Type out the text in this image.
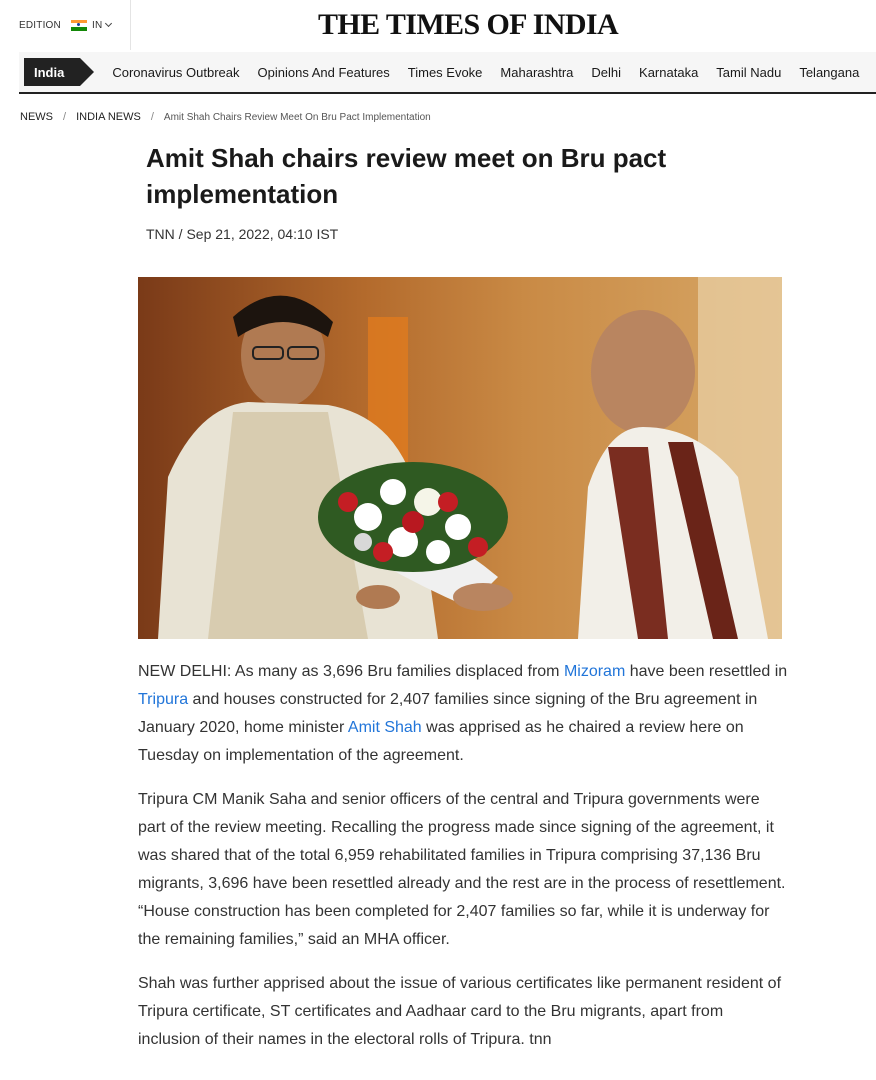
EDITION	IN	THE TIMES OF INDIA
India	Coronavirus Outbreak Opinions And Features Times Evoke Maharashtra Delhi Karnataka Tamil Nadu Telangana
NEWS / INDIA NEWS / Amit Shah Chairs Review Meet On Bru Pact Implementation
Amit Shah chairs review meet on Bru pact implementation
TNN / Sep 21, 2022, 04:10 IST

NEW DELHI: As many as 3,696 Bru families displaced from Mizoram have been resettled in Tripura and houses constructed for 2,407 families since signing of the Bru agreement in January 2020, home minister Amit Shah was apprised as he chaired a review here on Tuesday on implementation of the agreement.

Tripura CM Manik Saha and senior officers of the central and Tripura governments were part of the review meeting. Recalling the progress made since signing of the agreement, it was shared that of the total 6,959 rehabilitated families in Tripura comprising 37,136 Bru migrants, 3,696 have been resettled already and the rest are in the process of resettlement. “House construction has been completed for 2,407 families so far, while it is underway for the remaining families,” said an MHA officer.

Shah was further apprised about the issue of various certificates like permanent resident of Tripura certificate, ST certificates and Aadhaar card to the Bru migrants, apart from inclusion of their names in the electoral rolls of Tripura. tnn
